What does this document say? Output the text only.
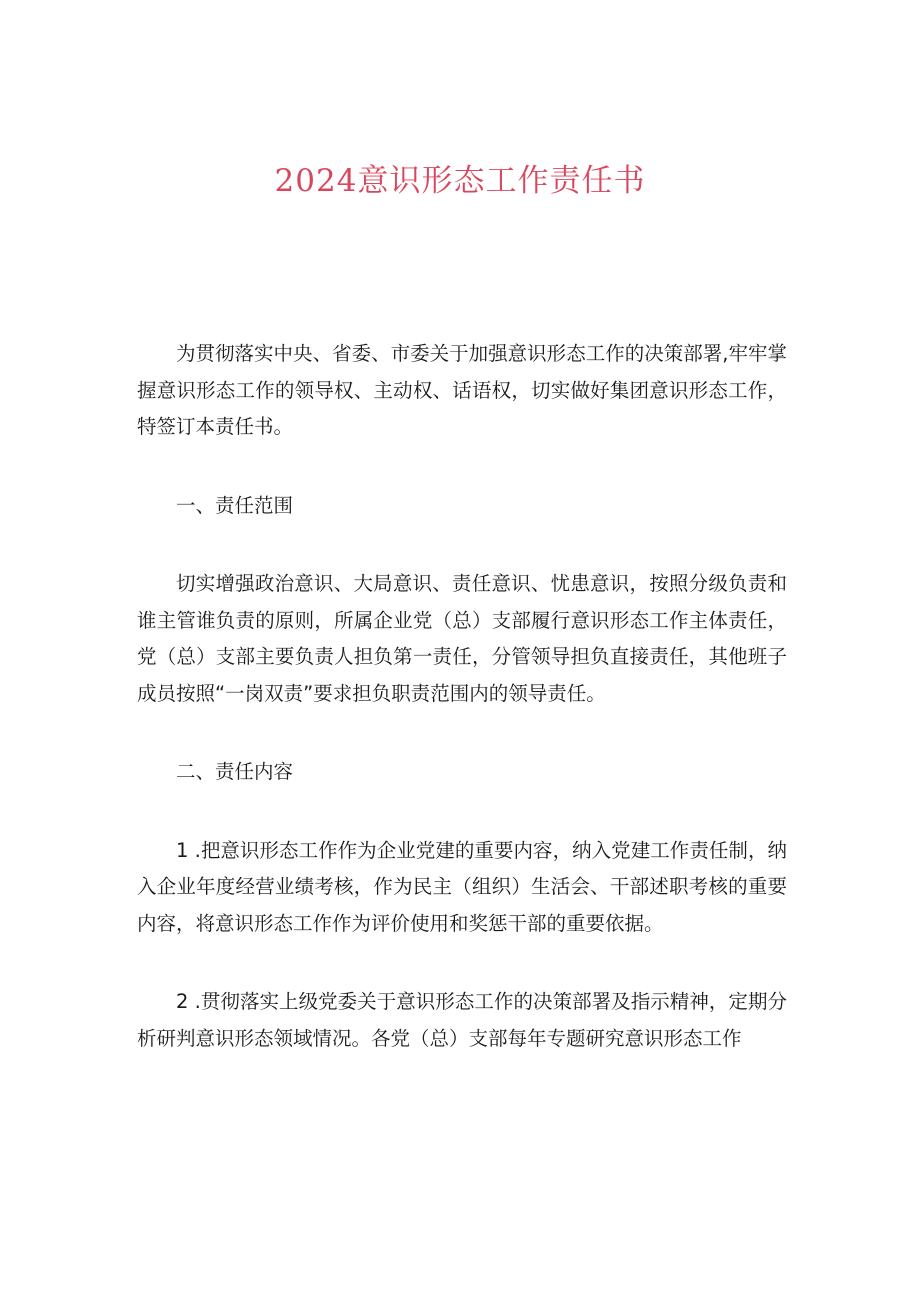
2024意识形态工作责任书

为贯彻落实中央、省委、市委关于加强意识形态工作的决策部署,牢牢掌握意识形态工作的领导权、主动权、话语权，切实做好集团意识形态工作，特签订本责任书。

一、责任范围

切实增强政治意识、大局意识、责任意识、忧患意识，按照分级负责和谁主管谁负责的原则，所属企业党（总）支部履行意识形态工作主体责任，党（总）支部主要负责人担负第一责任，分管领导担负直接责任，其他班子成员按照“一岗双责”要求担负职责范围内的领导责任。

二、责任内容

1 .把意识形态工作作为企业党建的重要内容，纳入党建工作责任制，纳入企业年度经营业绩考核，作为民主（组织）生活会、干部述职考核的重要内容，将意识形态工作作为评价使用和奖惩干部的重要依据。

2 .贯彻落实上级党委关于意识形态工作的决策部署及指示精神，定期分析研判意识形态领域情况。各党（总）支部每年专题研究意识形态工作
